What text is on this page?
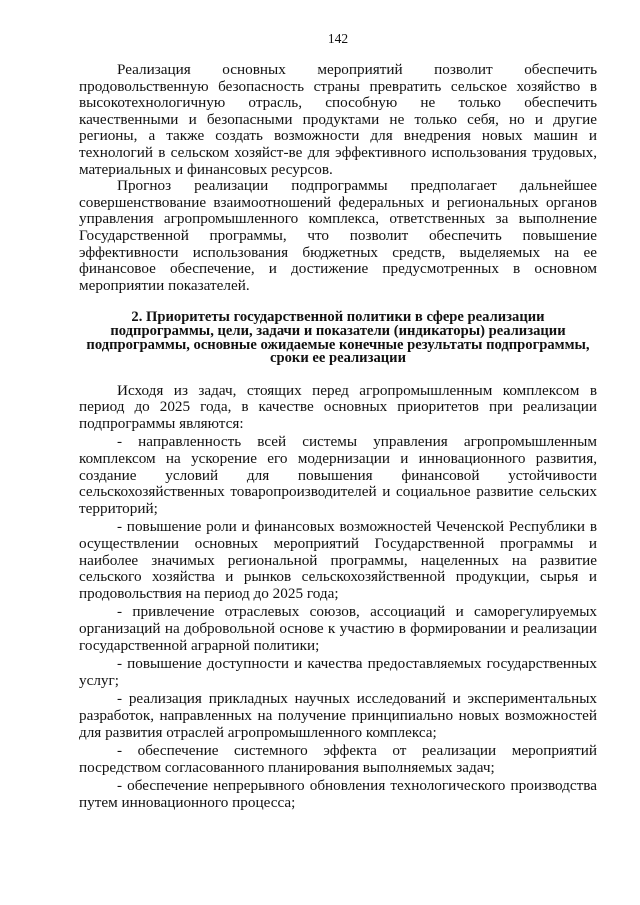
142

Реализация основных мероприятий позволит обеспечить продовольственную безопасность страны превратить сельское хозяйство в высокотехнологичную отрасль, способную не только обеспечить качественными и безопасными продуктами не только себя, но и другие регионы, а также создать возможности для внедрения новых машин и технологий в сельском хозяйст-ве для эффективного использования трудовых, материальных и финансовых ресурсов.

Прогноз реализации подпрограммы предполагает дальнейшее совершенствование взаимоотношений федеральных и региональных органов управления агропромышленного комплекса, ответственных за выполнение Государственной программы, что позволит обеспечить повышение эффективности использования бюджетных средств, выделяемых на ее финансовое обеспечение, и достижение предусмотренных в основном мероприятии показателей.

2. Приоритеты государственной политики в сфере реализации подпрограммы, цели, задачи и показатели (индикаторы) реализации подпрограммы, основные ожидаемые конечные результаты подпрограммы, сроки ее реализации

Исходя из задач, стоящих перед агропромышленным комплексом в период до 2025 года, в качестве основных приоритетов при реализации подпрограммы являются:

- направленность всей системы управления агропромышленным комплексом на ускорение его модернизации и инновационного развития, создание условий для повышения финансовой устойчивости сельскохозяйственных товаропроизводителей и социальное развитие сельских территорий;

- повышение роли и финансовых возможностей Чеченской Республики в осуществлении основных мероприятий Государственной программы и наиболее значимых региональной программы, нацеленных на развитие сельского хозяйства и рынков сельскохозяйственной продукции, сырья и продовольствия на период до 2025 года;

- привлечение отраслевых союзов, ассоциаций и саморегулируемых организаций на добровольной основе к участию в формировании и реализации государственной аграрной политики;

- повышение доступности и качества предоставляемых государственных услуг;

- реализация прикладных научных исследований и экспериментальных разработок, направленных на получение принципиально новых возможностей для развития отраслей агропромышленного комплекса;

- обеспечение системного эффекта от реализации мероприятий посредством согласованного планирования выполняемых задач;

- обеспечение непрерывного обновления технологического производства путем инновационного процесса;
